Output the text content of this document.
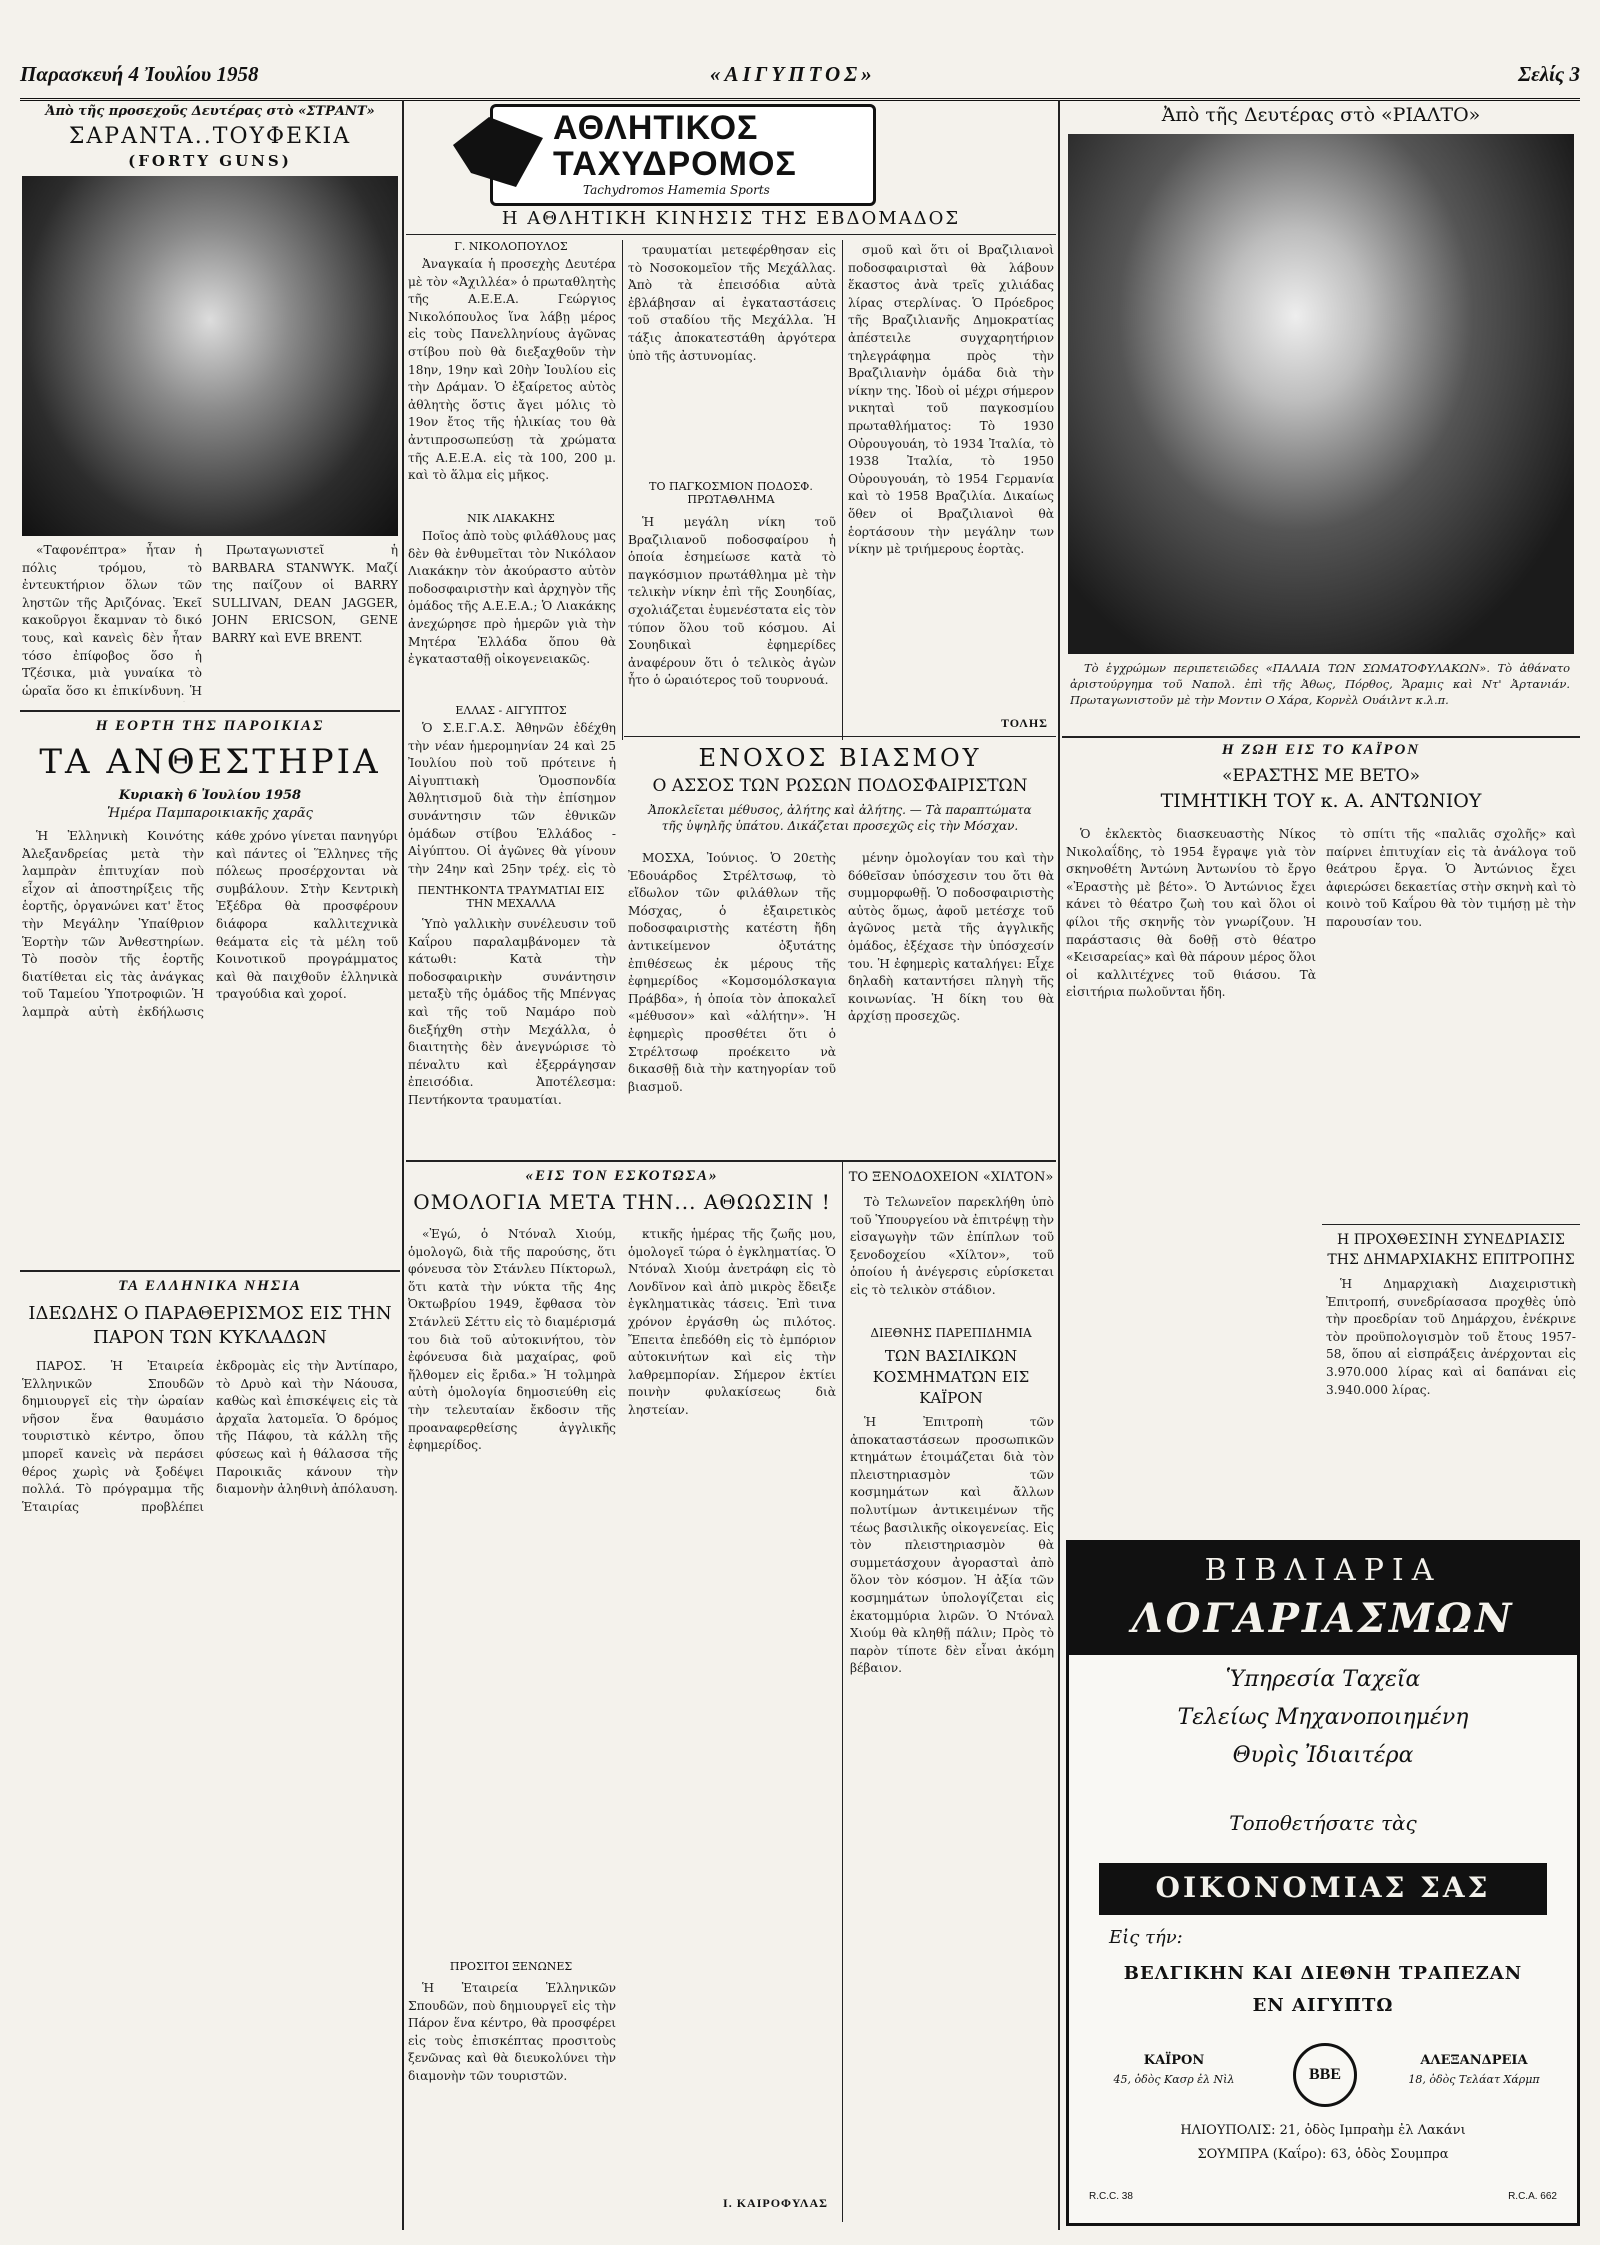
Παρασκευή 4 Ἰουλίου 1958	«ΑΙΓΥΠΤΟΣ»	Σελίς 3
Ἀπὸ τῆς προσεχοῦς Δευτέρας στὸ «ΣΤΡΑΝΤ»
ΣΑΡΑΝΤΑ..ΤΟΥΦΕΚΙΑ
(FORTY GUNS)

«Ταφονέπτρα» ἦταν ἡ πόλις τρόμου, τὸ ἐντευκτήριον ὅλων τῶν ληστῶν τῆς Ἀριζόνας. Ἐκεῖ κακοῦργοι ἔκαμναν τὸ δικό τους, καὶ κανεὶς δὲν ἦταν τόσο ἐπίφοβος ὅσο ἡ Τζέσικα, μιὰ γυναίκα τὸ ὡραῖα ὅσο κι ἐπικίνδυνη. Ἡ

Πρωταγωνιστεῖ ἡ BARBARA STANWYK. Μαζί της παίζουν οἱ BARRY SULLIVAN, DEAN JAGGER, JOHN ERICSON, GENE BARRY καὶ EVE BRENT.

Η ΕΟΡΤΗ ΤΗΣ ΠΑΡΟΙΚΙΑΣ
ΤΑ ΑΝΘΕΣΤΗΡΙΑ
Κυριακὴ 6 Ἰουλίου 1958
Ἡμέρα Παμπαροικιακῆς χαρᾶς

Ἡ Ἑλληνικὴ Κοινότης Ἀλεξανδρείας μετὰ τὴν λαμπρὰν ἐπιτυχίαν ποὺ εἶχον αἱ ἀποστηρίξεις τῆς ἑορτῆς, ὀργανώνει κατ' ἔτος τὴν Μεγάλην Ὑπαίθριον Ἑορτὴν τῶν Ἀνθεστηρίων. Τὸ ποσὸν τῆς ἑορτῆς διατίθεται εἰς τὰς ἀνάγκας τοῦ Ταμείου Ὑποτροφιῶν. Ἡ λαμπρὰ αὐτὴ ἐκδήλωσις κάθε χρόνο γίνεται πανηγύρι καὶ πάντες οἱ Ἕλληνες τῆς πόλεως προσέρχονται νὰ συμβάλουν. Στὴν Κεντρικὴ Ἐξέδρα θὰ προσφέρουν διάφορα καλλιτεχνικὰ θεάματα εἰς τὰ μέλη τοῦ Κοινοτικοῦ προγράμματος καὶ θὰ παιχθοῦν ἑλληνικὰ τραγούδια καὶ χοροί.

ΤΑ ΕΛΛΗΝΙΚΑ ΝΗΣΙΑ
ΙΔΕΩΔΗΣ Ο ΠΑΡΑΘΕΡΙΣΜΟΣ ΕΙΣ ΤΗΝ ΠΑΡΟΝ ΤΩΝ ΚΥΚΛΑΔΩΝ

ΠΑΡΟΣ. Ἡ Ἑταιρεία Ἑλληνικῶν Σπουδῶν δημιουργεῖ εἰς τὴν ὡραίαν νῆσον ἕνα θαυμάσιο τουριστικὸ κέντρο, ὅπου μπορεῖ κανεὶς νὰ περάσει θέρος χωρὶς νὰ ξοδέψει πολλά. Τὸ πρόγραμμα τῆς Ἑταιρίας προβλέπει ἐκδρομὰς εἰς τὴν Ἀντίπαρο, τὸ Δρυὸ καὶ τὴν Νάουσα, καθὼς καὶ ἐπισκέψεις εἰς τὰ ἀρχαῖα λατομεῖα. Ὁ δρόμος τῆς Πάφου, τὰ κάλλη τῆς φύσεως καὶ ἡ θάλασσα τῆς Παροικιᾶς κάνουν τὴν διαμονὴν ἀληθινὴ ἀπόλαυση.

ΑΘΛΗΤΙΚΟΣ
ΤΑΧΥΔΡΟΜΟΣ
Tachydromos Hamemia Sports
Η ΑΘΛΗΤΙΚΗ ΚΙΝΗΣΙΣ ΤΗΣ ΕΒΔΟΜΑΔΟΣ
Γ. ΝΙΚΟΛΟΠΟΥΛΟΣ

Ἀναγκαία ἡ προσεχὴς Δευτέρα μὲ τὸν «Ἀχιλλέα» ὁ πρωταθλητὴς τῆς Α.Ε.Ε.Α. Γεώργιος Νικολόπουλος ἵνα λάβῃ μέρος εἰς τοὺς Πανελληνίους ἀγῶνας στίβου ποὺ θὰ διεξαχθοῦν τὴν 18ην, 19ην καὶ 20ὴν Ἰουλίου εἰς τὴν Δράμαν. Ὁ ἐξαίρετος αὐτὸς ἀθλητὴς ὅστις ἄγει μόλις τὸ 19ον ἔτος τῆς ἡλικίας του θὰ ἀντιπροσωπεύσῃ τὰ χρώματα τῆς Α.Ε.Ε.Α. εἰς τὰ 100, 200 μ. καὶ τὸ ἅλμα εἰς μῆκος.

ΝΙΚ ΛΙΑΚΑΚΗΣ

Ποῖος ἀπὸ τοὺς φιλάθλους μας δὲν θὰ ἐνθυμεῖται τὸν Νικόλαον Λιακάκην τὸν ἀκούραστο αὐτὸν ποδοσφαιριστὴν καὶ ἀρχηγὸν τῆς ὁμάδος τῆς Α.Ε.Ε.Α.; Ὁ Λιακάκης ἀνεχώρησε πρὸ ἡμερῶν γιὰ τὴν Μητέρα Ἑλλάδα ὅπου θὰ ἐγκατασταθῇ οἰκογενειακῶς.

ΕΛΛΑΣ - ΑΙΓΥΠΤΟΣ

Ὁ Σ.Ε.Γ.Α.Σ. Ἀθηνῶν ἐδέχθη τὴν νέαν ἡμερομηνίαν 24 καὶ 25 Ἰουλίου ποὺ τοῦ πρότεινε ἡ Αἰγυπτιακὴ Ὁμοσπονδία Ἀθλητισμοῦ διὰ τὴν ἐπίσημον συνάντησιν τῶν ἐθνικῶν ὁμάδων στίβου Ἑλλάδος - Αἰγύπτου. Οἱ ἀγῶνες θὰ γίνουν τὴν 24ην καὶ 25ην τρέχ. εἰς τὸ

ΠΕΝΤΗΚΟΝΤΑ ΤΡΑΥΜΑΤΙΑΙ ΕΙΣ ΤΗΝ ΜΕΧΑΛΛΑ

Ὑπὸ γαλλικὴν συνέλευσιν τοῦ Καΐρου παραλαμβάνομεν τὰ κάτωθι: Κατὰ τὴν ποδοσφαιρικὴν συνάντησιν μεταξὺ τῆς ὁμάδος τῆς Μπένγας καὶ τῆς τοῦ Ναμάρο ποὺ διεξήχθη στὴν Μεχάλλα, ὁ διαιτητὴς δὲν ἀνεγνώρισε τὸ πέναλτυ καὶ ἐξερράγησαν ἐπεισόδια. Ἀποτέλεσμα: Πεντήκοντα τραυματίαι.

τραυματίαι μετεφέρθησαν εἰς τὸ Νοσοκομεῖον τῆς Μεχάλλας. Ἀπὸ τὰ ἐπεισόδια αὐτὰ ἐβλάβησαν αἱ ἐγκαταστάσεις τοῦ σταδίου τῆς Μεχάλλα. Ἡ τάξις ἀποκατεστάθη ἀργότερα ὑπὸ τῆς ἀστυνομίας.

ΤΟ ΠΑΓΚΟΣΜΙΟΝ ΠΟΔΟΣΦ. ΠΡΩΤΑΘΛΗΜΑ

Ἡ μεγάλη νίκη τοῦ Βραζιλιανοῦ ποδοσφαίρου ἡ ὁποία ἐσημείωσε κατὰ τὸ παγκόσμιον πρωτάθλημα μὲ τὴν τελικὴν νίκην ἐπὶ τῆς Σουηδίας, σχολιάζεται ἐυμενέστατα εἰς τὸν τύπον ὅλου τοῦ κόσμου. Αἱ Σουηδικαὶ ἐφημερίδες ἀναφέρουν ὅτι ὁ τελικὸς ἀγὼν ἦτο ὁ ὡραιότερος τοῦ τουρνουά.

σμοῦ καὶ ὅτι οἱ Βραζιλιανοὶ ποδοσφαιρισταὶ θὰ λάβουν ἕκαστος ἀνὰ τρεῖς χιλιάδας λίρας στερλίνας. Ὁ Πρόεδρος τῆς Βραζιλιανῆς Δημοκρατίας ἀπέστειλε συγχαρητήριον τηλεγράφημα πρὸς τὴν Βραζιλιανὴν ὁμάδα διὰ τὴν νίκην της. Ἰδοὺ οἱ μέχρι σήμερον νικηταὶ τοῦ παγκοσμίου πρωταθλήματος: Τὸ 1930 Οὐρουγουάη, τὸ 1934 Ἰταλία, τὸ 1938 Ἰταλία, τὸ 1950 Οὐρουγουάη, τὸ 1954 Γερμανία καὶ τὸ 1958 Βραζιλία. Δικαίως ὅθεν οἱ Βραζιλιανοὶ θὰ ἑορτάσουν τὴν μεγάλην των νίκην μὲ τριήμερους ἑορτὰς.

ΤΟΛΗΣ
ΕΝΟΧΟΣ ΒΙΑΣΜΟΥ
Ο ΑΣΣΟΣ ΤΩΝ ΡΩΣΩΝ ΠΟΔΟΣΦΑΙΡΙΣΤΩΝ
Ἀποκλεῖεται μέθυσος, ἀλήτης καὶ ἀλήτης. — Τὰ παραπτώματα τῆς ὑψηλῆς ὑπάτου. Δικάζεται προσεχῶς εἰς τὴν Μόσχαν.

ΜΟΣΧΑ, Ἰούνιος. Ὁ 20ετὴς Ἐδουάρδος Στρέλτσωφ, τὸ εἴδωλον τῶν φιλάθλων τῆς Μόσχας, ὁ ἐξαιρετικὸς ποδοσφαιριστὴς κατέστη ἤδη ἀντικείμενον ὀξυτάτης ἐπιθέσεως ἐκ μέρους τῆς ἐφημερίδος «Κομσομόλσκαγια Πράβδα», ἡ ὁποία τὸν ἀποκαλεῖ «μέθυσον» καὶ «ἀλήτην». Ἡ ἐφημερὶς προσθέτει ὅτι ὁ Στρέλτσωφ προέκειτο νὰ δικασθῇ διὰ τὴν κατηγορίαν τοῦ βιασμοῦ.

μένην ὁμολογίαν του καὶ τὴν δόθεῖσαν ὑπόσχεσιν του ὅτι θὰ συμμορφωθῇ. Ὁ ποδοσφαιριστὴς αὐτὸς ὅμως, ἀφοῦ μετέσχε τοῦ ἀγῶνος μετὰ τῆς ἀγγλικῆς ὁμάδος, ἐξέχασε τὴν ὑπόσχεσίν του. Ἡ ἐφημερὶς καταλήγει: Εἶχε δηλαδὴ καταντήσει πληγὴ τῆς κοινωνίας. Ἡ δίκη του θὰ ἀρχίσῃ προσεχῶς.

«ΕΙΣ ΤΟΝ ΕΣΚΟΤΩΣΑ»
ΟΜΟΛΟΓΙΑ ΜΕΤΑ ΤΗΝ... ΑΘΩΩΣΙΝ !

«Ἐγώ, ὁ Ντόναλ Χιούμ, ὁμολογῶ, διὰ τῆς παρούσης, ὅτι φόνευσα τὸν Στάνλευ Πίκτορωλ, ὅτι κατὰ τὴν νύκτα τῆς 4ης Ὀκτωβρίου 1949, ἔφθασα τὸν Στάνλεϋ Σέττυ εἰς τὸ διαμέρισμά του διὰ τοῦ αὐτοκινήτου, τὸν ἐφόνευσα διὰ μαχαίρας, φοῦ ἤλθομεν εἰς ἔριδα.» Ἡ τολμηρὰ αὐτὴ ὁμολογία δημοσιεύθη εἰς τὴν τελευταίαν ἔκδοσιν τῆς προαναφερθείσης ἀγγλικῆς ἐφημερίδος.

κτικῆς ἡμέρας τῆς ζωῆς μου, ὁμολογεῖ τώρα ὁ ἐγκληματίας. Ὁ Ντόναλ Χιούμ ἀνετράφη εἰς τὸ Λονδῖνον καὶ ἀπὸ μικρὸς ἔδειξε ἐγκληματικὰς τάσεις. Ἐπὶ τινα χρόνον ἐργάσθη ὡς πιλότος. Ἔπειτα ἐπεδόθη εἰς τὸ ἐμπόριον αὐτοκινήτων καὶ εἰς τὴν λαθρεμπορίαν. Σήμερον ἐκτίει ποινὴν φυλακίσεως διὰ ληστείαν.

ΠΡΟΣΙΤΟΙ ΞΕΝΩΝΕΣ

Ἡ Ἑταιρεία Ἑλληνικῶν Σπουδῶν, ποὺ δημιουργεῖ εἰς τὴν Πάρον ἕνα κέντρο, θὰ προσφέρει εἰς τοὺς ἐπισκέπτας προσιτοὺς ξενῶνας καὶ θὰ διευκολύνει τὴν διαμονὴν τῶν τουριστῶν.

Ι. ΚΑΙΡΟΦΥΛΑΣ
ΤΟ ΞΕΝΟΔΟΧΕΙΟΝ «ΧΙΛΤΟΝ»

Τὸ Τελωνεῖον παρεκλήθη ὑπὸ τοῦ Ὑπουργείου νὰ ἐπιτρέψῃ τὴν εἰσαγωγὴν τῶν ἐπίπλων τοῦ ξενοδοχείου «Χίλτον», τοῦ ὁποίου ἡ ἀνέγερσις εὑρίσκεται εἰς τὸ τελικὸν στάδιον.

ΔΙΕΘΝΗΣ ΠΑΡΕΠΙΔΗΜΙΑ
ΤΩΝ ΒΑΣΙΛΙΚΩΝ ΚΟΣΜΗΜΑΤΩΝ ΕΙΣ ΚΑΪΡΟΝ

Ἡ Ἐπιτροπὴ τῶν ἀποκαταστάσεων προσωπικῶν κτημάτων ἑτοιμάζεται διὰ τὸν πλειστηριασμὸν τῶν κοσμημάτων καὶ ἄλλων πολυτίμων ἀντικειμένων τῆς τέως βασιλικῆς οἰκογενείας. Εἰς τὸν πλειστηριασμὸν θὰ συμμετάσχουν ἀγορασταὶ ἀπὸ ὅλον τὸν κόσμον. Ἡ ἀξία τῶν κοσμημάτων ὑπολογίζεται εἰς ἑκατομμύρια λιρῶν. Ὁ Ντόναλ Χιούμ θὰ κληθῇ πάλιν; Πρὸς τὸ παρὸν τίποτε δὲν εἶναι ἀκόμη βέβαιον.

Ἀπὸ τῆς Δευτέρας στὸ «ΡΙΑΛΤΟ»

Τὸ ἐγχρώμων περιπετειῶδες «ΠΑΛΑΙΑ ΤΩΝ ΣΩΜΑΤΟΦΥΛΑΚΩΝ». Τὸ ἀθάνατο ἀριστούργημα τοῦ Ναπολ. ἐπὶ τῆς Ἀθως, Πόρθος, Ἄραμις καὶ Ντ' Ἀρτανιάν. Πρωταγωνιστοῦν μὲ τὴν Μοντιν Ο Χάρα, Κορνὲλ Ουάιλντ κ.λ.π.

Η ΖΩΗ ΕΙΣ ΤΟ ΚΑΪΡΟΝ
«ΕΡΑΣΤΗΣ ΜΕ ΒΕΤΟ»
ΤΙΜΗΤΙΚΗ ΤΟΥ κ. Α. ΑΝΤΩΝΙΟΥ

Ὁ ἐκλεκτὸς διασκευαστὴς Νίκος Νικολαΐδης, τὸ 1954 ἔγραψε γιὰ τὸν σκηνοθέτη Ἀντώνη Ἀντωνίου τὸ ἔργο «Ἐραστὴς μὲ βέτο». Ὁ Ἀντώνιος ἔχει κάνει τὸ θέατρο ζωὴ του καὶ ὅλοι οἱ φίλοι τῆς σκηνῆς τὸν γνωρίζουν. Ἡ παράστασις θὰ δοθῇ στὸ θέατρο «Κεισαρείας» καὶ θὰ πάρουν μέρος ὅλοι οἱ καλλιτέχνες τοῦ θιάσου. Τὰ εἰσιτήρια πωλοῦνται ἤδη.

τὸ σπίτι τῆς «παλιᾶς σχολῆς» καὶ παίρνει ἐπιτυχίαν εἰς τὰ ἀνάλογα τοῦ θεάτρου ἔργα. Ὁ Ἀντώνιος ἔχει ἀφιερώσει δεκαετίας στὴν σκηνὴ καὶ τὸ κοινὸ τοῦ Καΐρου θὰ τὸν τιμήσῃ μὲ τὴν παρουσίαν του.

Η ΠΡΟΧΘΕΣΙΝΗ ΣΥΝΕΔΡΙΑΣΙΣ ΤΗΣ ΔΗΜΑΡΧΙΑΚΗΣ ΕΠΙΤΡΟΠΗΣ

Ἡ Δημαρχιακὴ Διαχειριστικὴ Ἐπιτροπή, συνεδρίασασα προχθὲς ὑπὸ τὴν προεδρίαν τοῦ Δημάρχου, ἐνέκρινε τὸν προϋπολογισμὸν τοῦ ἔτους 1957-58, ὅπου αἱ εἰσπράξεις ἀνέρχονται εἰς 3.970.000 λίρας καὶ αἱ δαπάναι εἰς 3.940.000 λίρας.

ΒΙΒΛΙΑΡΙΑ
ΛΟΓΑΡΙΑΣΜΩΝ
Ὑπηρεσία Ταχεῖα
Τελείως Μηχανοποιημένη
Θυρὶς Ἰδιαιτέρα
Τοποθετήσατε τὰς
ΟΙΚΟΝΟΜΙΑΣ ΣΑΣ
Εἰς τήν:
ΒΕΛΓΙΚΗΝ ΚΑΙ ΔΙΕΘΝΗ ΤΡΑΠΕΖΑΝ
ΕΝ ΑΙΓΥΠΤΩ
ΚΑΪΡΟΝ
45, ὁδὸς Κασρ ἐλ Νὶλ	BBE
ΑΛΕΞΑΝΔΡΕΙΑ
18, ὁδὸς Τελάατ Χάρμπ
ΗΛΙΟΥΠΟΛΙΣ: 21, ὁδὸς Ιμπραὴμ ἐλ Λακάνι
ΣΟΥΜΠΡΑ (Καΐρο): 63, ὁδὸς Σουμπρα
R.C.C. 38	R.C.A. 662
